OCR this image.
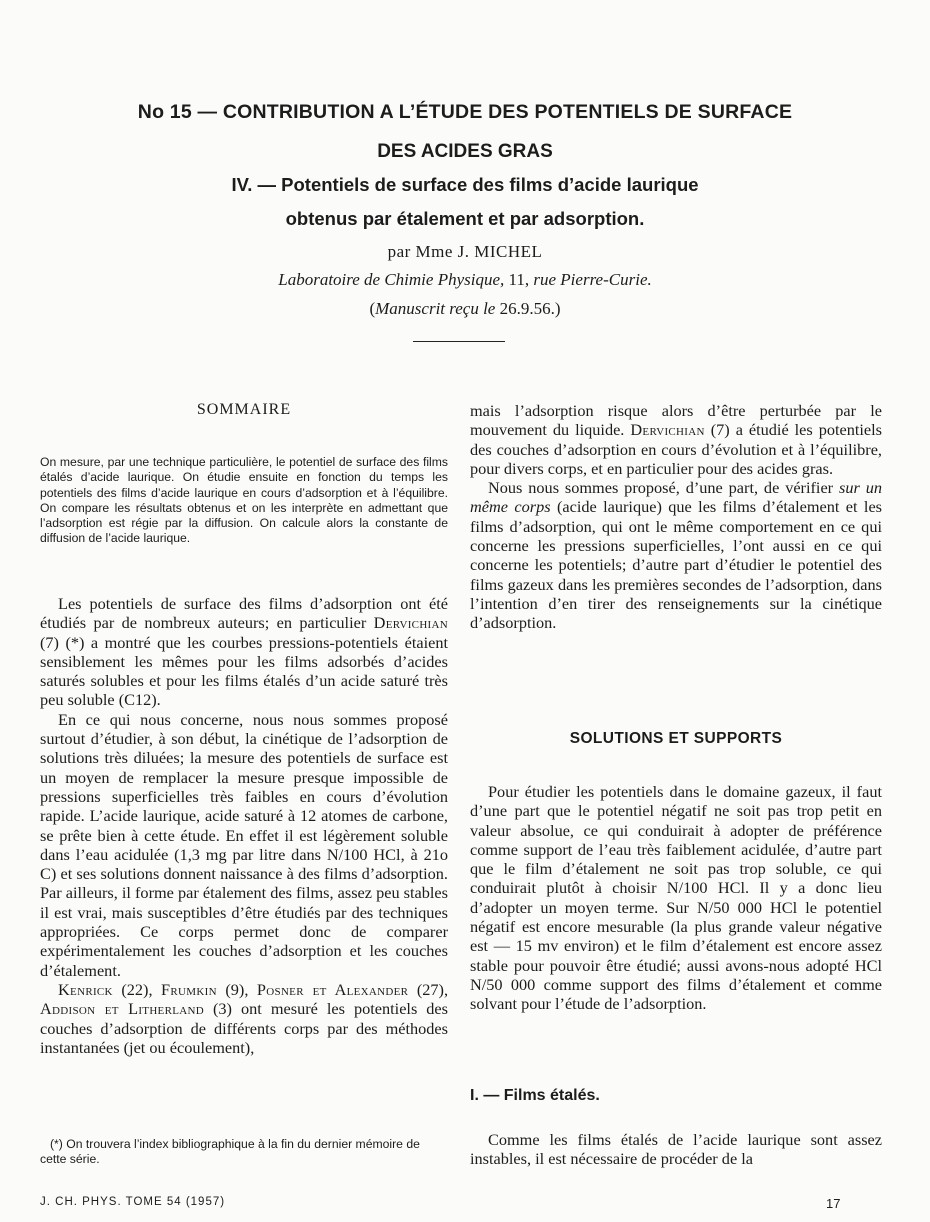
No 15 — CONTRIBUTION A L’ÉTUDE DES POTENTIELS DE SURFACE
DES ACIDES GRAS
IV. — Potentiels de surface des films d’acide laurique
obtenus par étalement et par adsorption.
par Mme J. MICHEL
Laboratoire de Chimie Physique, 11, rue Pierre-Curie.
(Manuscrit reçu le 26.9.56.)
SOMMAIRE

On mesure, par une technique particulière, le potentiel de surface des films étalés d’acide laurique. On étudie ensuite en fonction du temps les potentiels des films d’acide laurique en cours d’adsorption et à l’équilibre. On compare les résultats obtenus et on les interprète en admettant que l’adsorption est régie par la diffusion. On calcule alors la constante de diffusion de l’acide laurique.

Les potentiels de surface des films d’adsorption ont été étudiés par de nombreux auteurs; en particulier Dervichian (7) (*) a montré que les courbes pressions-potentiels étaient sensiblement les mêmes pour les films adsorbés d’acides saturés solubles et pour les films étalés d’un acide saturé très peu soluble (C12).

En ce qui nous concerne, nous nous sommes proposé surtout d’étudier, à son début, la cinétique de l’adsorption de solutions très diluées; la mesure des potentiels de surface est un moyen de remplacer la mesure presque impossible de pressions superficielles très faibles en cours d’évolution rapide. L’acide laurique, acide saturé à 12 atomes de carbone, se prête bien à cette étude. En effet il est légèrement soluble dans l’eau acidulée (1,3 mg par litre dans N/100 HCl, à 21o C) et ses solutions donnent naissance à des films d’adsorption. Par ailleurs, il forme par étalement des films, assez peu stables il est vrai, mais susceptibles d’être étudiés par des techniques appropriées. Ce corps permet donc de comparer expérimentalement les couches d’adsorption et les couches d’étalement.

Kenrick (22), Frumkin (9), Posner et Alexander (27), Addison et Litherland (3) ont mesuré les potentiels des couches d’adsorption de différents corps par des méthodes instantanées (jet ou écoulement),

(*) On trouvera l’index bibliographique à la fin du dernier mémoire de cette série.

mais l’adsorption risque alors d’être perturbée par le mouvement du liquide. Dervichian (7) a étudié les potentiels des couches d’adsorption en cours d’évolution et à l’équilibre, pour divers corps, et en particulier pour des acides gras.

Nous nous sommes proposé, d’une part, de vérifier sur un même corps (acide laurique) que les films d’étalement et les films d’adsorption, qui ont le même comportement en ce qui concerne les pressions superficielles, l’ont aussi en ce qui concerne les potentiels; d’autre part d’étudier le potentiel des films gazeux dans les premières secondes de l’adsorption, dans l’intention d’en tirer des renseignements sur la cinétique d’adsorption.

SOLUTIONS ET SUPPORTS

Pour étudier les potentiels dans le domaine gazeux, il faut d’une part que le potentiel négatif ne soit pas trop petit en valeur absolue, ce qui conduirait à adopter de préférence comme support de l’eau très faiblement acidulée, d’autre part que le film d’étalement ne soit pas trop soluble, ce qui conduirait plutôt à choisir N/100 HCl. Il y a donc lieu d’adopter un moyen terme. Sur N/50 000 HCl le potentiel négatif est encore mesurable (la plus grande valeur négative est — 15 mv environ) et le film d’étalement est encore assez stable pour pouvoir être étudié; aussi avons-nous adopté HCl N/50 000 comme support des films d’étalement et comme solvant pour l’étude de l’adsorption.

I. — Films étalés.

Comme les films étalés de l’acide laurique sont assez instables, il est nécessaire de procéder de la

J. CH. PHYS. TOME 54 (1957)	17
